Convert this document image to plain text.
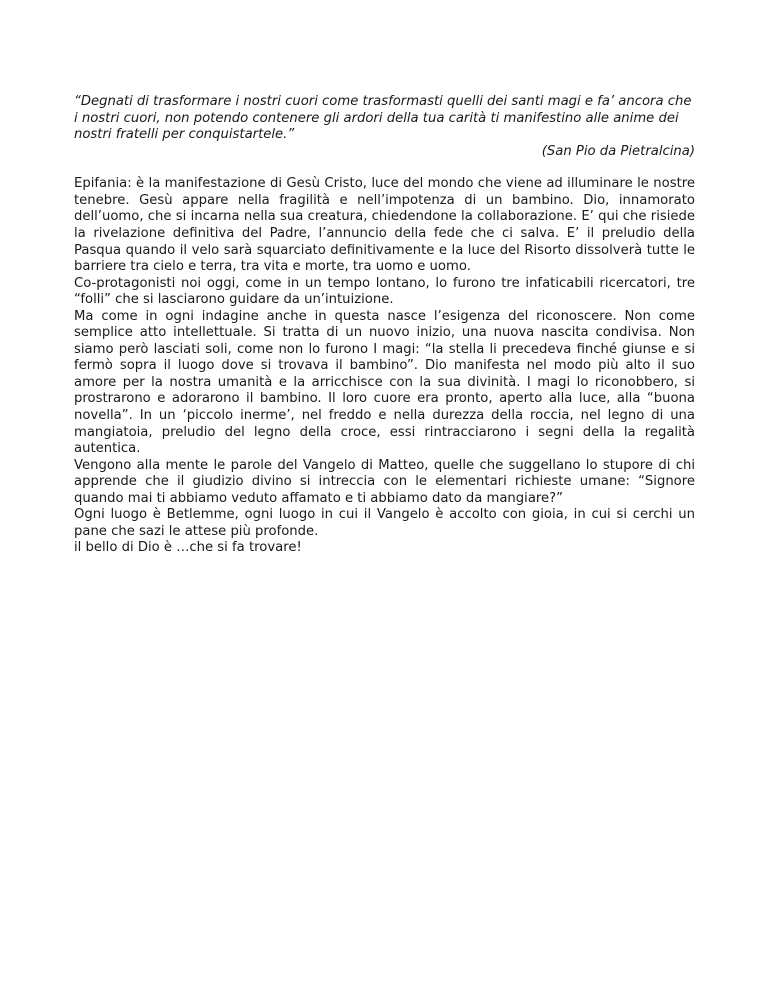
“Degnati di trasformare i nostri cuori come trasformasti quelli dei santi magi e fa’ ancora che i nostri cuori, non potendo contenere gli ardori della tua carità ti manifestino alle anime dei nostri fratelli per conquistartele.”

(San Pio da Pietralcina)

Epifania: è la manifestazione di Gesù Cristo, luce del mondo che viene ad illuminare le nostre tenebre. Gesù appare nella fragilità e nell’impotenza di un bambino. Dio, innamorato dell’uomo, che si incarna nella sua creatura, chiedendone la collaborazione. E’ qui che risiede la rivelazione definitiva del Padre, l’annuncio della fede che ci salva. E’ il preludio della Pasqua quando il velo sarà squarciato definitivamente e la luce del Risorto dissolverà tutte le barriere tra cielo e terra, tra vita e morte, tra uomo e uomo.

Co-protagonisti noi oggi, come in un tempo lontano, lo furono tre infaticabili ricercatori, tre “folli” che si lasciarono guidare da un’intuizione.

Ma come in ogni indagine anche in questa nasce l’esigenza del riconoscere. Non come semplice atto intellettuale. Si tratta di un nuovo inizio, una nuova nascita condivisa. Non siamo però lasciati soli, come non lo furono I magi: “la stella li precedeva finché giunse e si fermò sopra il luogo dove si trovava il bambino”. Dio manifesta nel modo più alto il suo amore per la nostra umanità e la arricchisce con la sua divinità. I magi lo riconobbero, si prostrarono e adorarono il bambino. Il loro cuore era pronto, aperto alla luce, alla “buona novella”. In un ‘piccolo inerme’, nel freddo e nella durezza della roccia, nel legno di una mangiatoia, preludio del legno della croce, essi rintracciarono i segni della la regalità autentica.

Vengono alla mente le parole del Vangelo di Matteo, quelle che suggellano lo stupore di chi apprende che il giudizio divino si intreccia con le elementari richieste umane: “Signore quando mai ti abbiamo veduto affamato e ti abbiamo dato da mangiare?”

Ogni luogo è Betlemme, ogni luogo in cui il Vangelo è accolto con gioia, in cui si cerchi un pane che sazi le attese più profonde.

il bello di Dio è …che si fa trovare!
